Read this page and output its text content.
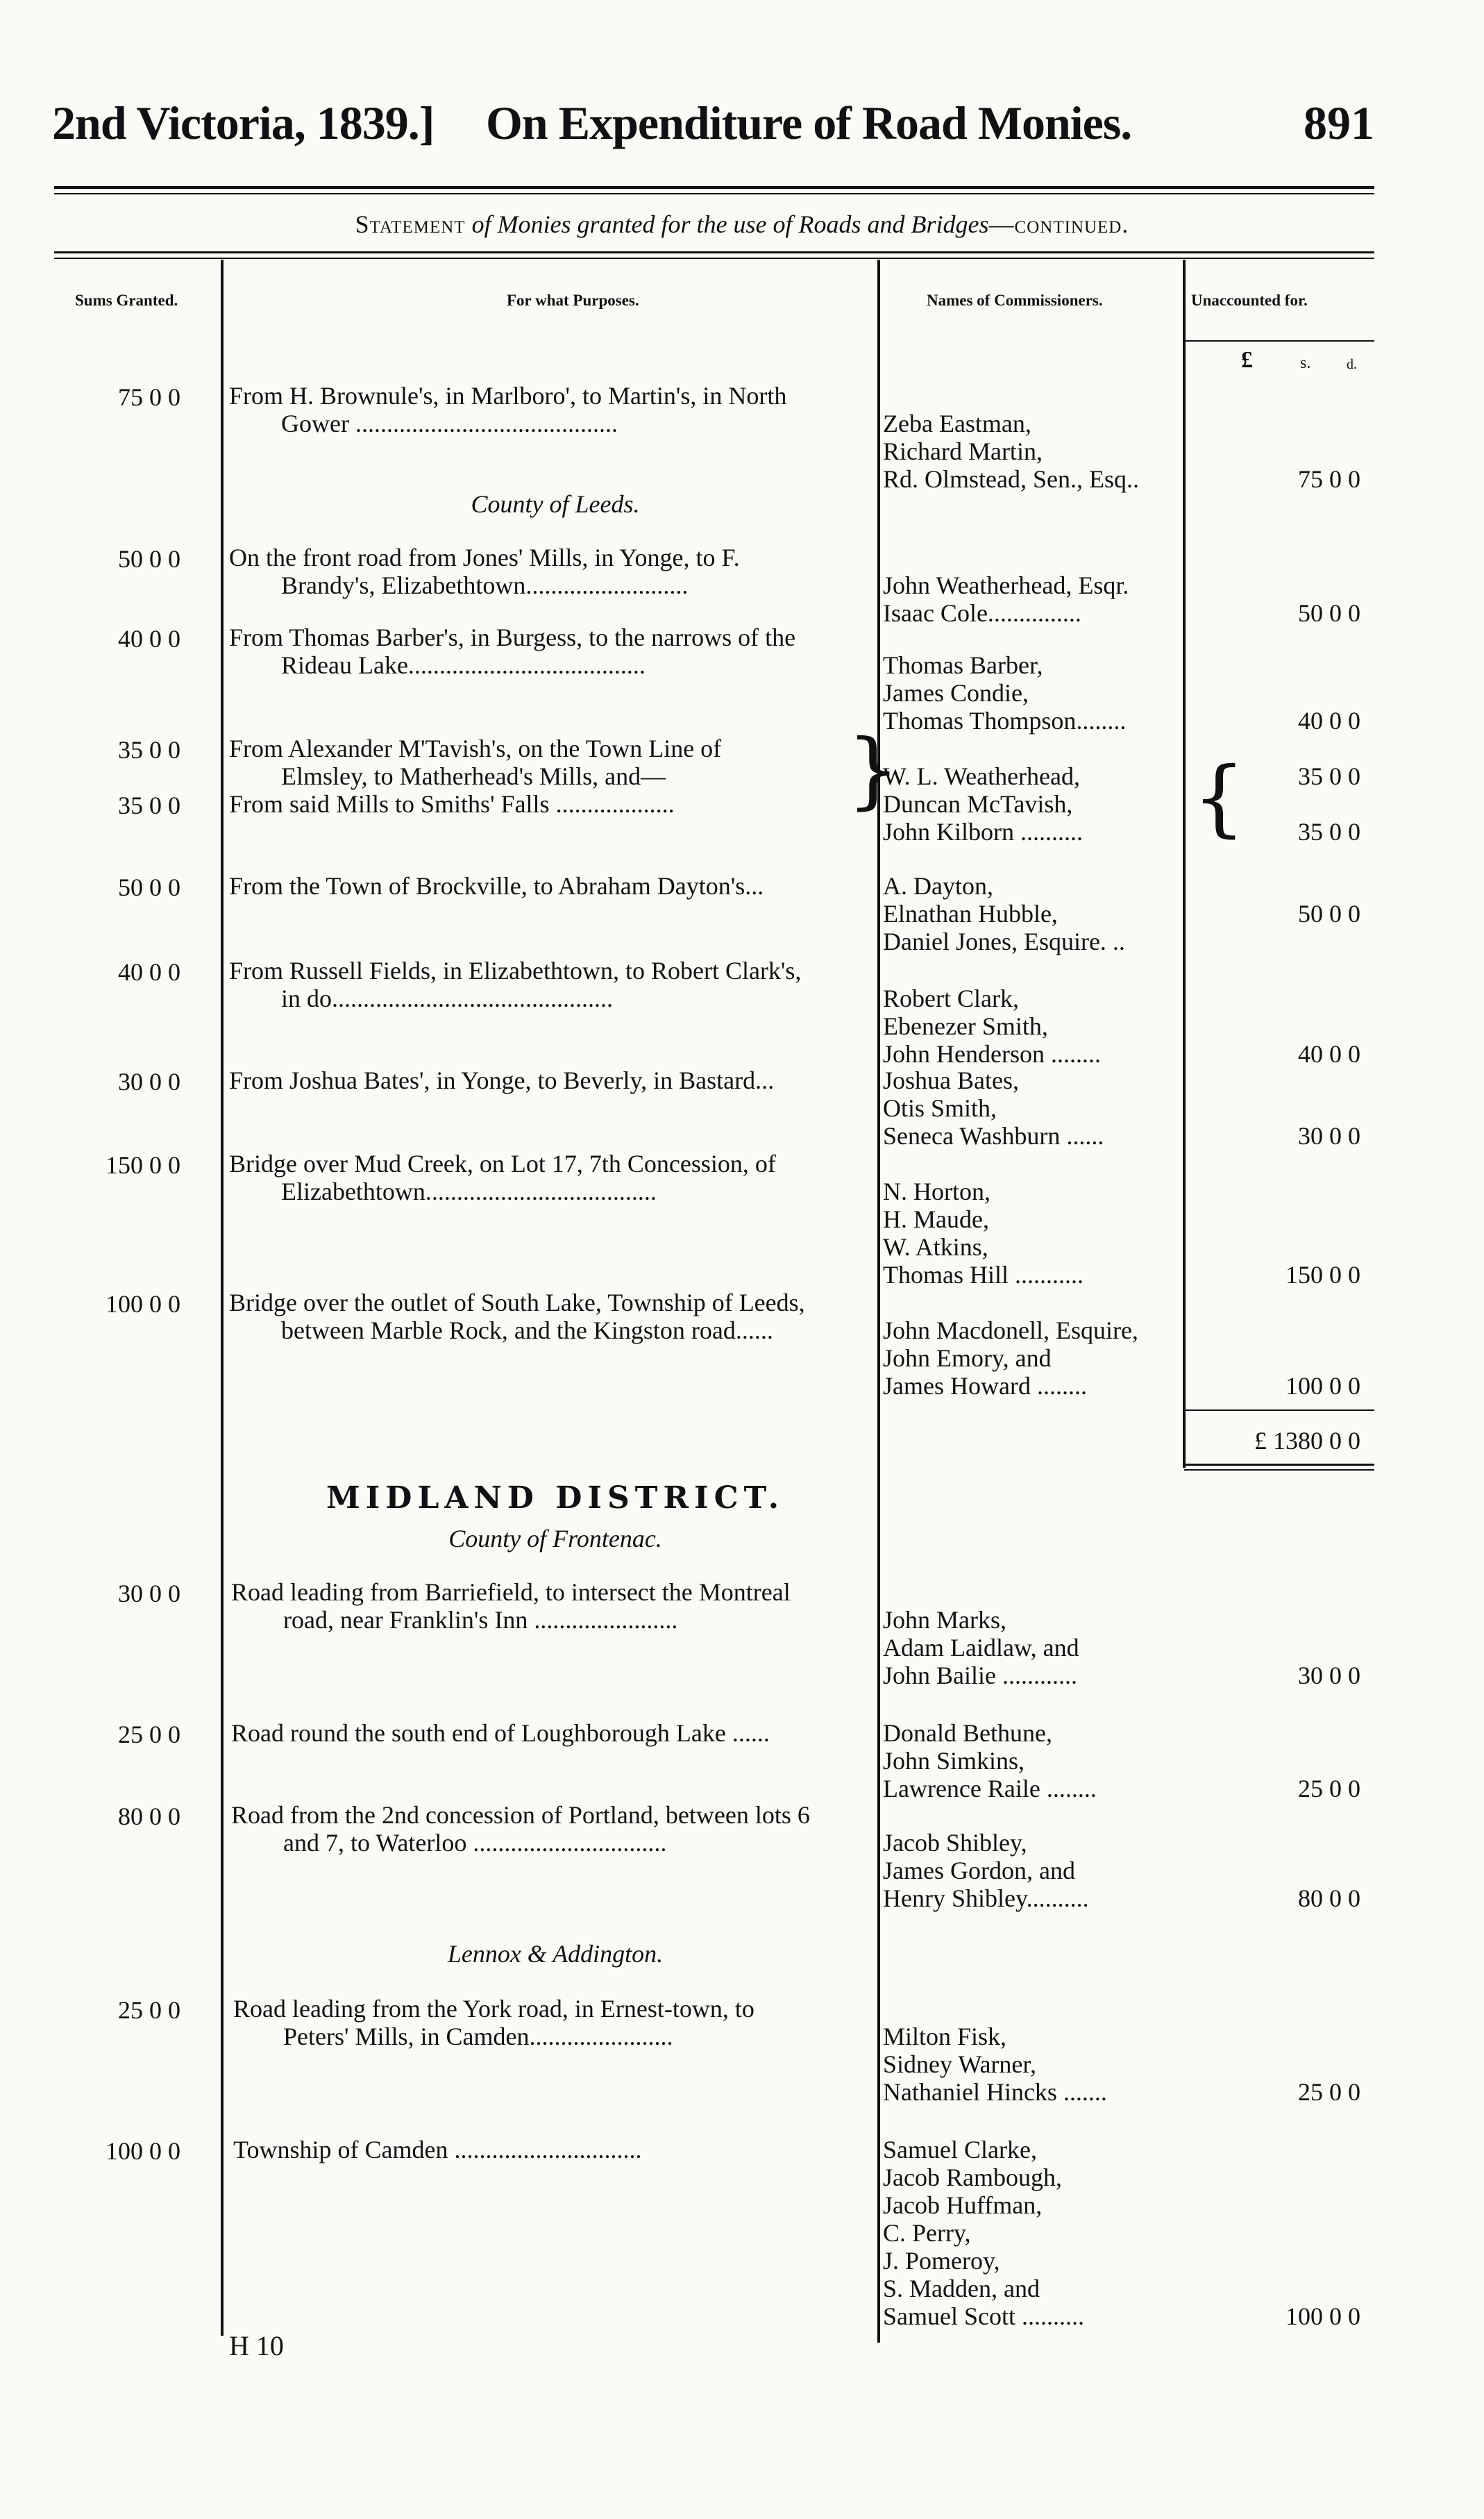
2nd Victoria, 1839.] On Expenditure of Road Monies.	891
Statement of Monies granted for the use of Roads and Bridges—continued.
Sums Granted.	For what Purposes.	Names of Commissioners.	Unaccounted for.
£	s.	d.
75 0 0 From H. Brownule's, in Marlboro', to Martin's, in North
Gower ..........................................	Zeba Eastman,
Richard Martin,
Rd. Olmstead, Sen., Esq..	75 0 0
County of Leeds.
50 0 0 On the front road from Jones' Mills, in Yonge, to F.
Brandy's, Elizabethtown..........................	John Weatherhead, Esqr.
Isaac Cole...............	50 0 0
40 0 0 From Thomas Barber's, in Burgess, to the narrows of the
Rideau Lake......................................	Thomas Barber,
James Condie,
Thomas Thompson........	40 0 0
35 0 0 From Alexander M'Tavish's, on the Town Line of
Elmsley, to Matherhead's Mills, and—
35 0 0 From said Mills to Smiths' Falls ................... }
W. L. Weatherhead,
Duncan McTavish,
John Kilborn .......... {	35 0 0
35 0 0
50 0 0 From the Town of Brockville, to Abraham Dayton's...	A. Dayton,
Elnathan Hubble,
Daniel Jones, Esquire. ..
50 0 0
40 0 0 From Russell Fields, in Elizabethtown, to Robert Clark's,
in do.............................................	Robert Clark,
Ebenezer Smith,
John Henderson ........	40 0 0
30 0 0 From Joshua Bates', in Yonge, to Beverly, in Bastard...	Joshua Bates,
Otis Smith,
Seneca Washburn ......	30 0 0
150 0 0 Bridge over Mud Creek, on Lot 17, 7th Concession, of
Elizabethtown.....................................	N. Horton,
H. Maude,
W. Atkins,
Thomas Hill ...........	150 0 0
100 0 0 Bridge over the outlet of South Lake, Township of Leeds,
between Marble Rock, and the Kingston road......	John Macdonell, Esquire,
John Emory, and
James Howard ........	100 0 0
£ 1380 0 0
MIDLAND DISTRICT.
County of Frontenac.
30 0 0 Road leading from Barriefield, to intersect the Montreal
road, near Franklin's Inn .......................	John Marks,
Adam Laidlaw, and
John Bailie ............	30 0 0
25 0 0 Road round the south end of Loughborough Lake ......	Donald Bethune,
John Simkins,
Lawrence Raile ........	25 0 0
80 0 0 Road from the 2nd concession of Portland, between lots 6
and 7, to Waterloo ...............................	Jacob Shibley,
James Gordon, and
Henry Shibley..........	80 0 0
Lennox & Addington.
25 0 0 Road leading from the York road, in Ernest-town, to
Peters' Mills, in Camden.......................	Milton Fisk,
Sidney Warner,
Nathaniel Hincks .......	25 0 0
100 0 0 Township of Camden ..............................	Samuel Clarke,
Jacob Rambough,
Jacob Huffman,
C. Perry,
J. Pomeroy,
S. Madden, and
Samuel Scott ..........	100 0 0
H 10
